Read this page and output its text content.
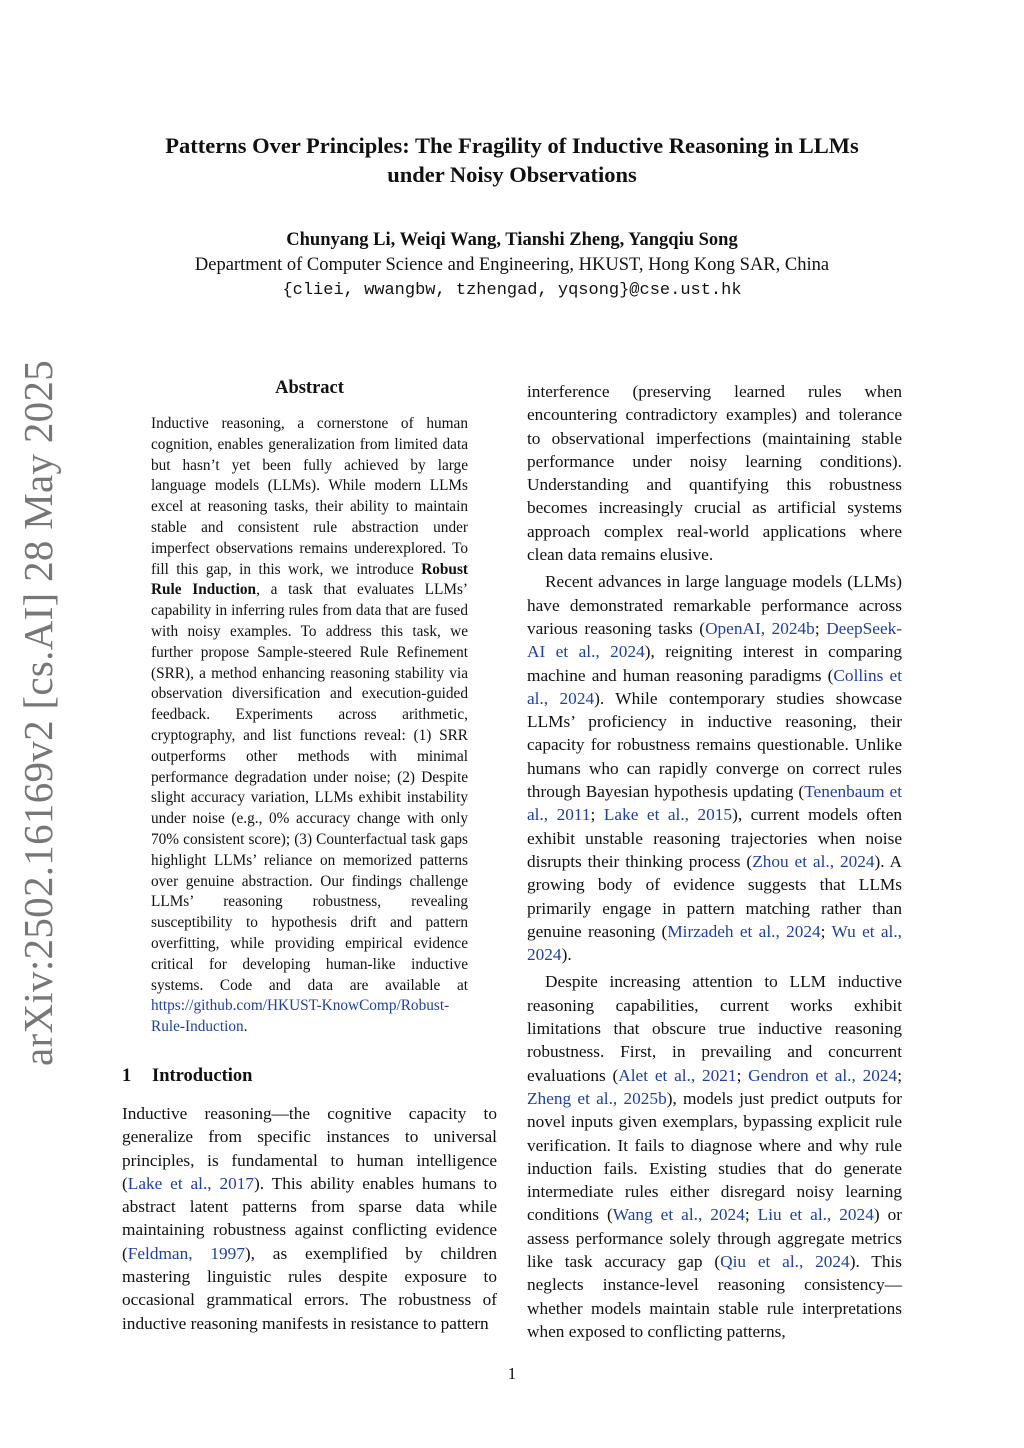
arXiv:2502.16169v2 [cs.AI] 28 May 2025
Patterns Over Principles: The Fragility of Inductive Reasoning in LLMs
under Noisy Observations
Chunyang Li, Weiqi Wang, Tianshi Zheng, Yangqiu Song
Department of Computer Science and Engineering, HKUST, Hong Kong SAR, China
{cliei, wwangbw, tzhengad, yqsong}@cse.ust.hk
Abstract
Inductive reasoning, a cornerstone of human cognition, enables generalization from limited data but hasn’t yet been fully achieved by large language models (LLMs). While modern LLMs excel at reasoning tasks, their ability to maintain stable and consistent rule abstraction under imperfect observations remains underexplored. To fill this gap, in this work, we introduce Robust Rule Induction, a task that evaluates LLMs’ capability in inferring rules from data that are fused with noisy examples. To address this task, we further propose Sample-steered Rule Refinement (SRR), a method enhancing reasoning stability via observation diversification and execution-guided feedback. Experiments across arithmetic, cryptography, and list functions reveal: (1) SRR outperforms other methods with minimal performance degradation under noise; (2) Despite slight accuracy variation, LLMs exhibit instability under noise (e.g., 0% accuracy change with only 70% consistent score); (3) Counterfactual task gaps highlight LLMs’ reliance on memorized patterns over genuine abstraction. Our findings challenge LLMs’ reasoning robustness, revealing susceptibility to hypothesis drift and pattern overfitting, while providing empirical evidence critical for developing human-like inductive systems. Code and data are available at https://github.com/HKUST-KnowComp/Robust-Rule-Induction.
1 Introduction
Inductive reasoning—the cognitive capacity to generalize from specific instances to universal principles, is fundamental to human intelligence (Lake et al., 2017). This ability enables humans to abstract latent patterns from sparse data while maintaining robustness against conflicting evidence (Feldman, 1997), as exemplified by children mastering linguistic rules despite exposure to occasional grammatical errors. The robustness of inductive reasoning manifests in resistance to pattern

interference (preserving learned rules when encountering contradictory examples) and tolerance to observational imperfections (maintaining stable performance under noisy learning conditions). Understanding and quantifying this robustness becomes increasingly crucial as artificial systems approach complex real-world applications where clean data remains elusive.

Recent advances in large language models (LLMs) have demonstrated remarkable performance across various reasoning tasks (OpenAI, 2024b; DeepSeek-AI et al., 2024), reigniting interest in comparing machine and human reasoning paradigms (Collins et al., 2024). While contemporary studies showcase LLMs’ proficiency in inductive reasoning, their capacity for robustness remains questionable. Unlike humans who can rapidly converge on correct rules through Bayesian hypothesis updating (Tenenbaum et al., 2011; Lake et al., 2015), current models often exhibit unstable reasoning trajectories when noise disrupts their thinking process (Zhou et al., 2024). A growing body of evidence suggests that LLMs primarily engage in pattern matching rather than genuine reasoning (Mirzadeh et al., 2024; Wu et al., 2024).

Despite increasing attention to LLM inductive reasoning capabilities, current works exhibit limitations that obscure true inductive reasoning robustness. First, in prevailing and concurrent evaluations (Alet et al., 2021; Gendron et al., 2024; Zheng et al., 2025b), models just predict outputs for novel inputs given exemplars, bypassing explicit rule verification. It fails to diagnose where and why rule induction fails. Existing studies that do generate intermediate rules either disregard noisy learning conditions (Wang et al., 2024; Liu et al., 2024) or assess performance solely through aggregate metrics like task accuracy gap (Qiu et al., 2024). This neglects instance-level reasoning consistency—whether models maintain stable rule interpretations when exposed to conflicting patterns,

1
